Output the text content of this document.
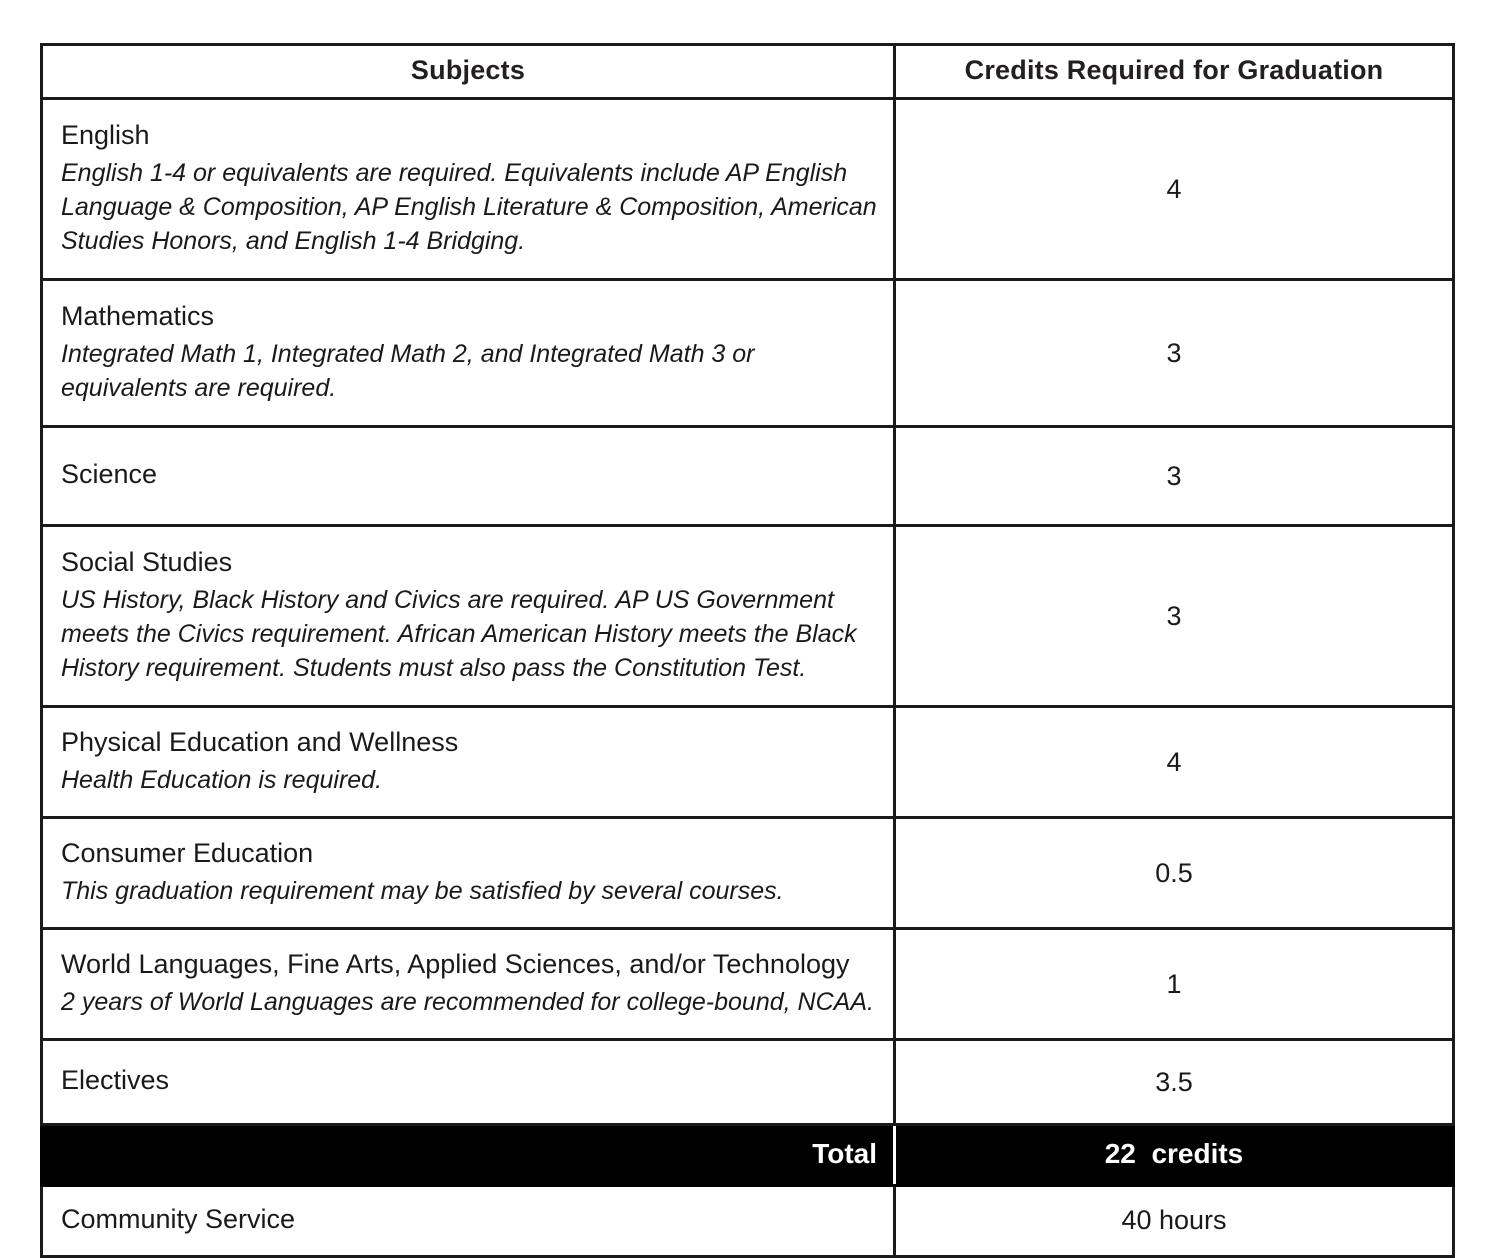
Subjects	Credits Required for Graduation

English
English 1-4 or equivalents are required. Equivalents include AP English Language & Composition, AP English Literature & Composition, American Studies Honors, and English 1-4 Bridging.	4

Mathematics
Integrated Math 1, Integrated Math 2, and Integrated Math 3 or equivalents are required.	3

Science	3

Social Studies
US History, Black History and Civics are required. AP US Government meets the Civics requirement. African American History meets the Black History requirement. Students must also pass the Constitution Test.	3

Physical Education and Wellness
Health Education is required.	4

Consumer Education
This graduation requirement may be satisfied by several courses.	0.5

World Languages, Fine Arts, Applied Sciences, and/or Technology
2 years of World Languages are recommended for college-bound, NCAA.	1

Electives	3.5
Total	22  credits

Community Service	40 hours
